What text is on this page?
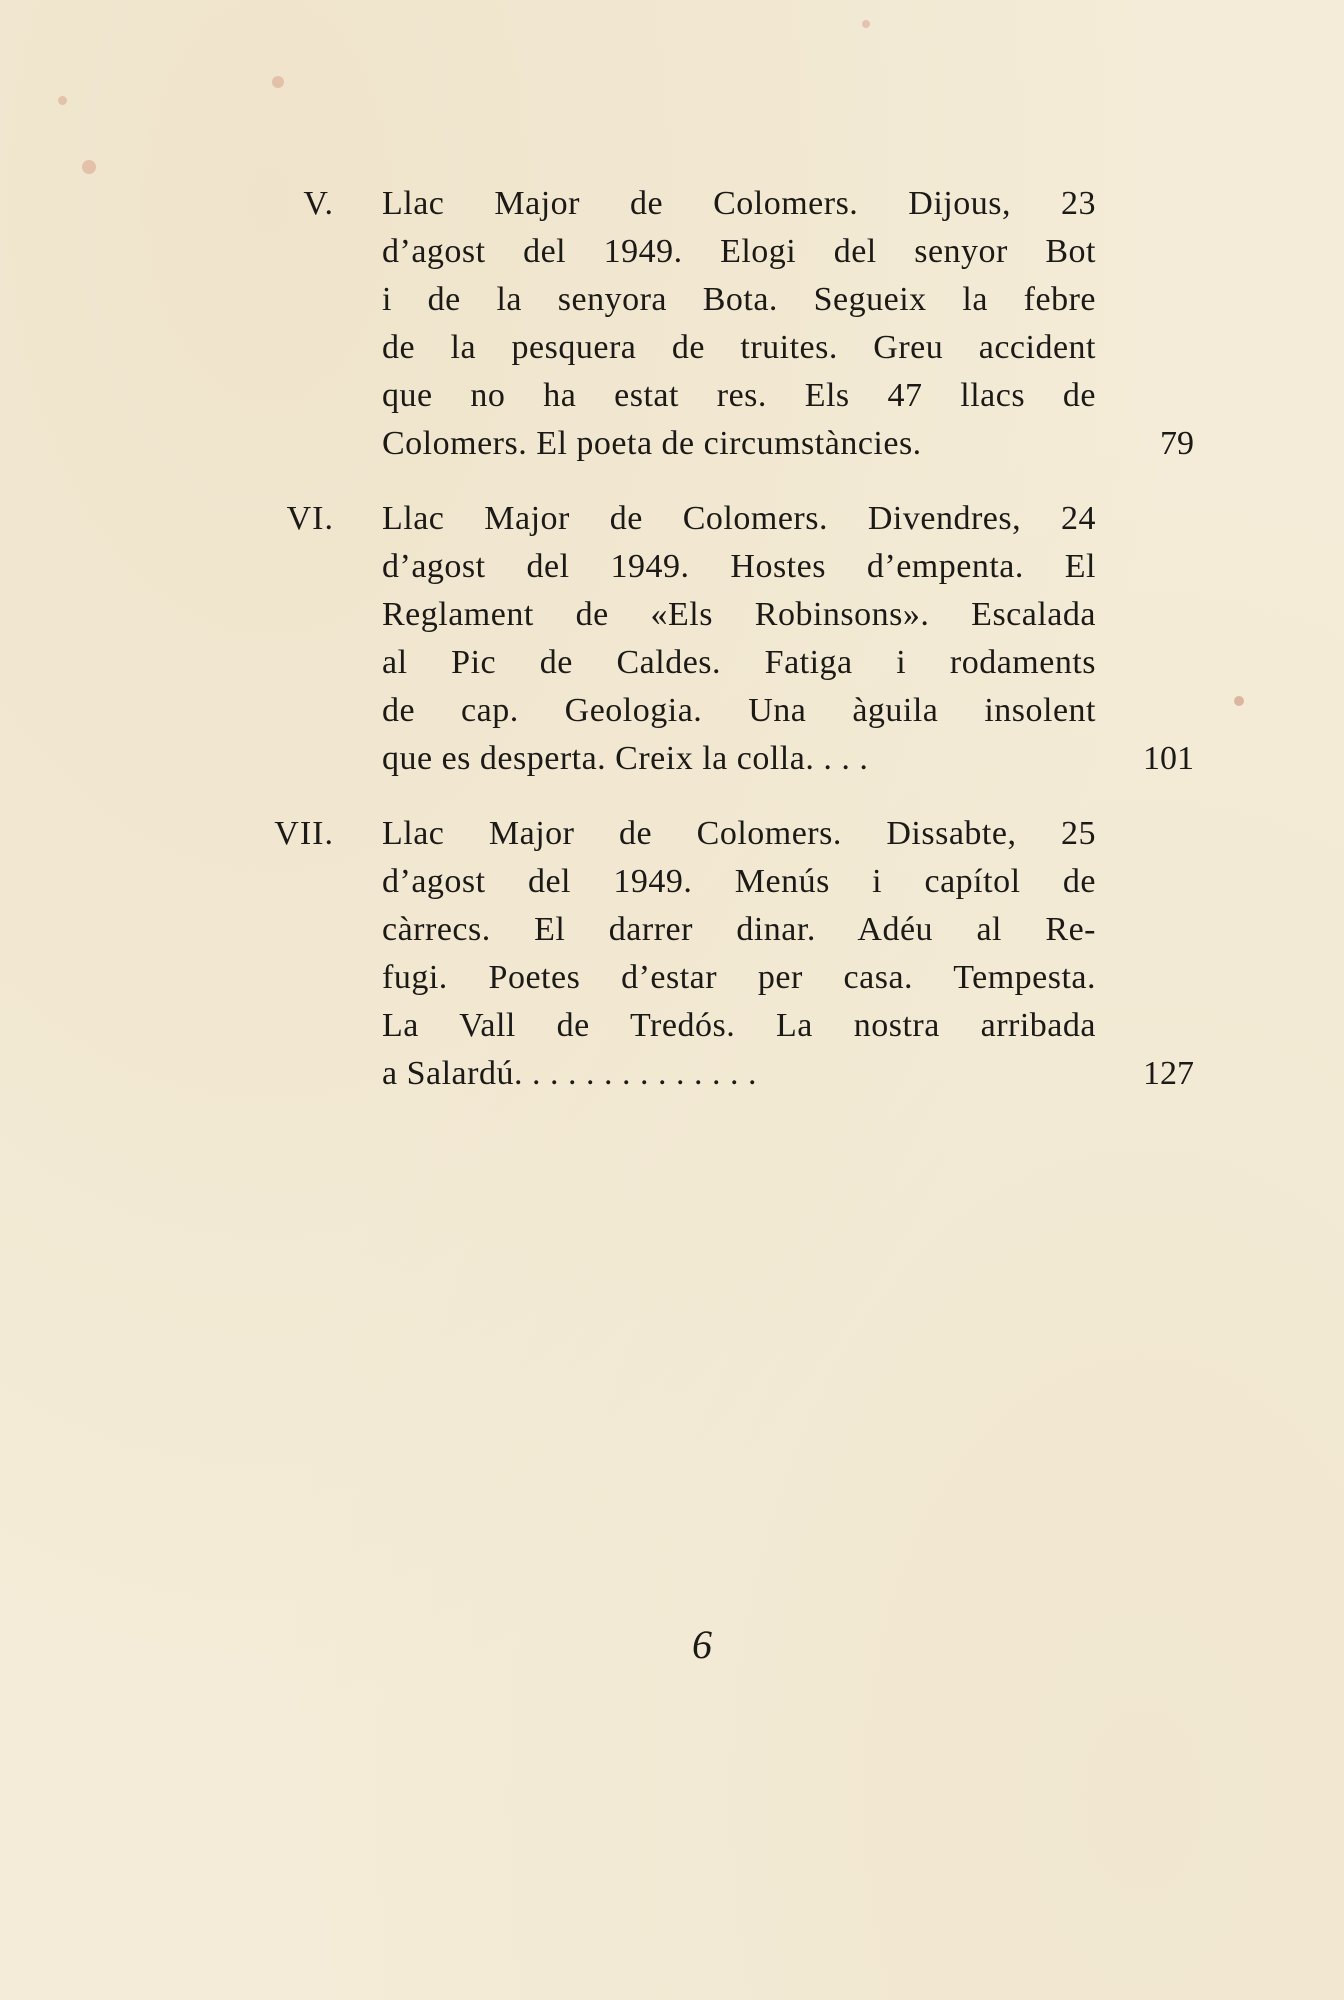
V. Llac Major de Colomers. Dijous, 23
d’agost del 1949. Elogi del senyor Bot
i de la senyora Bota. Segueix la febre
de la pesquera de truites. Greu accident
que no ha estat res. Els 47 llacs de
Colomers. El poeta de circumstàncies.	79
VI. Llac Major de Colomers. Divendres, 24
d’agost del 1949. Hostes d’empenta. El
Reglament de «Els Robinsons». Escalada
al Pic de Caldes. Fatiga i rodaments
de cap. Geologia. Una àguila insolent
que es desperta. Creix la colla. . . .	101
VII. Llac Major de Colomers. Dissabte, 25
d’agost del 1949. Menús i capítol de
càrrecs. El darrer dinar. Adéu al Re-
fugi. Poetes d’estar per casa. Tempesta.
La Vall de Tredós. La nostra arribada
a Salardú. . . . . . . . . . . . . .	127
6
